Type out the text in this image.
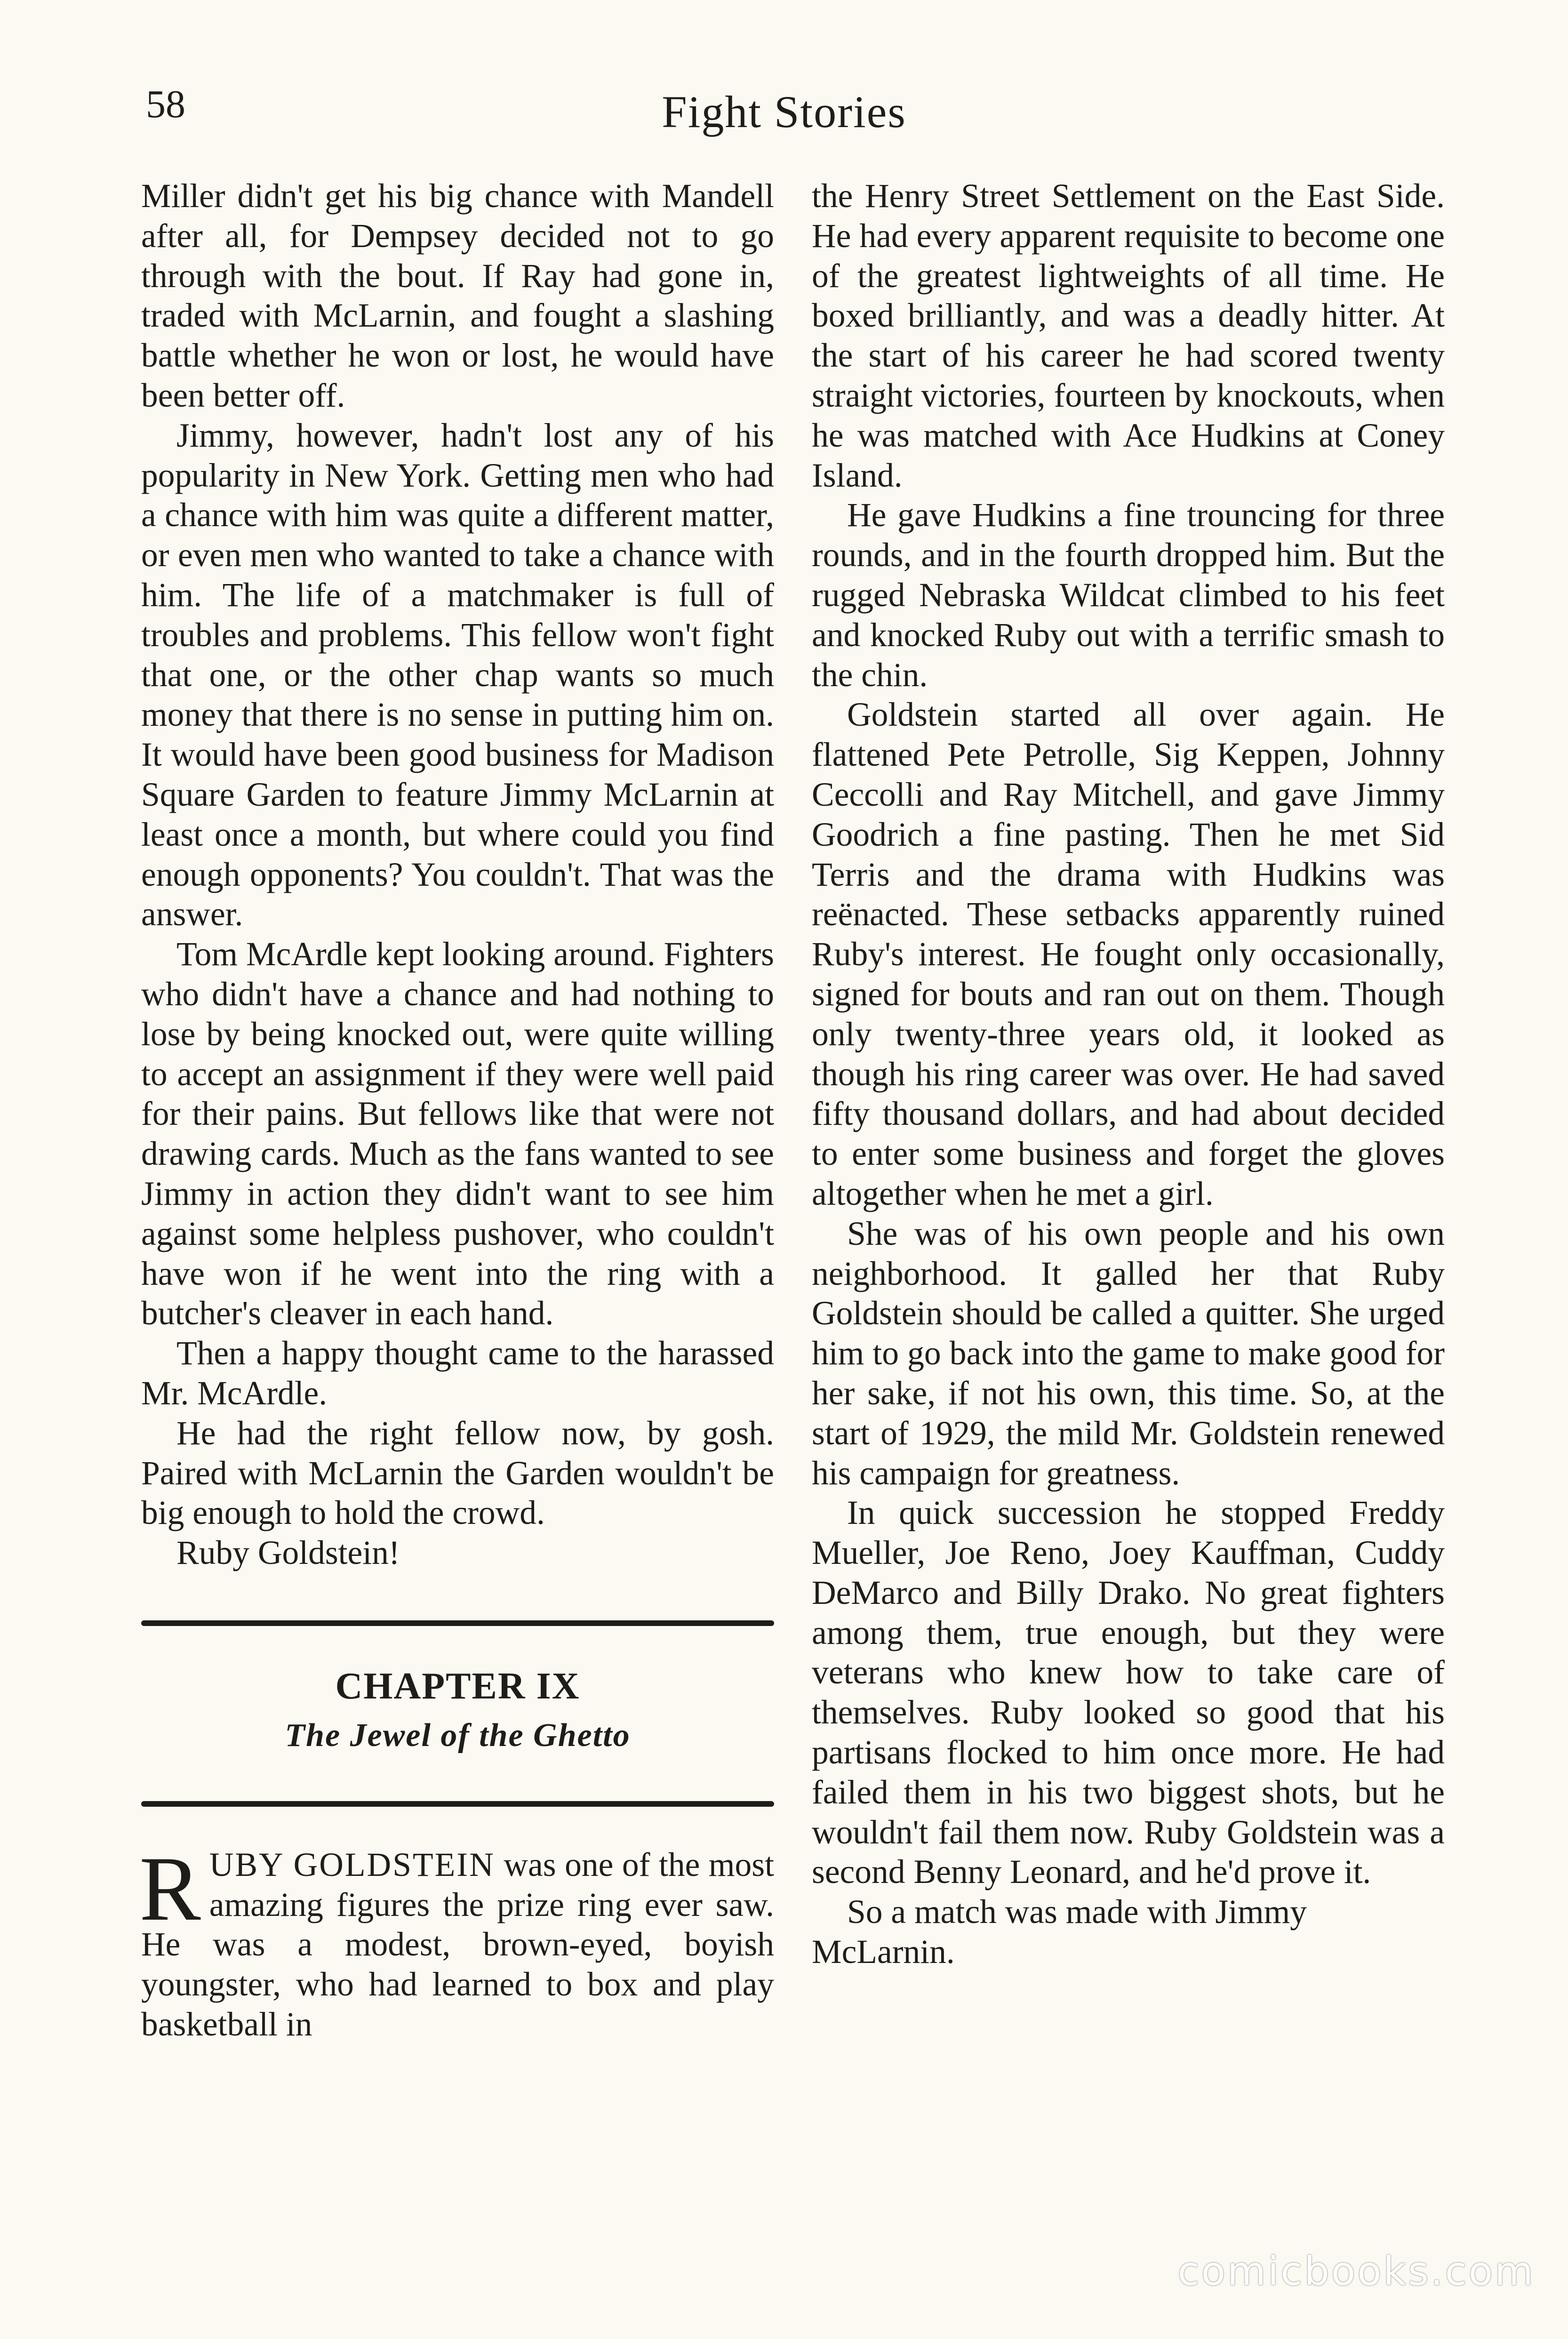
58	Fight Stories

Miller didn't get his big chance with Mandell after all, for Dempsey decided not to go through with the bout. If Ray had gone in, traded with McLarnin, and fought a slashing battle whether he won or lost, he would have been better off.

Jimmy, however, hadn't lost any of his popularity in New York. Getting men who had a chance with him was quite a different matter, or even men who wanted to take a chance with him. The life of a matchmaker is full of troubles and problems. This fellow won't fight that one, or the other chap wants so much money that there is no sense in putting him on. It would have been good business for Madison Square Garden to feature Jimmy McLarnin at least once a month, but where could you find enough opponents? You couldn't. That was the answer.

Tom McArdle kept looking around. Fighters who didn't have a chance and had nothing to lose by being knocked out, were quite willing to accept an assignment if they were well paid for their pains. But fellows like that were not drawing cards. Much as the fans wanted to see Jimmy in action they didn't want to see him against some helpless pushover, who couldn't have won if he went into the ring with a butcher's cleaver in each hand.

Then a happy thought came to the harassed Mr. McArdle.

He had the right fellow now, by gosh. Paired with McLarnin the Garden wouldn't be big enough to hold the crowd.

Ruby Goldstein!

CHAPTER IX
The Jewel of the Ghetto

RUBY GOLDSTEIN was one of the most amazing figures the prize ring ever saw. He was a modest, brown-eyed, boyish youngster, who had learned to box and play basketball in

the Henry Street Settlement on the East Side. He had every apparent requisite to become one of the greatest lightweights of all time. He boxed brilliantly, and was a deadly hitter. At the start of his career he had scored twenty straight victories, fourteen by knockouts, when he was matched with Ace Hudkins at Coney Island.

He gave Hudkins a fine trouncing for three rounds, and in the fourth dropped him. But the rugged Nebraska Wildcat climbed to his feet and knocked Ruby out with a terrific smash to the chin.

Goldstein started all over again. He flattened Pete Petrolle, Sig Keppen, Johnny Ceccolli and Ray Mitchell, and gave Jimmy Goodrich a fine pasting. Then he met Sid Terris and the drama with Hudkins was reënacted. These setbacks apparently ruined Ruby's interest. He fought only occasionally, signed for bouts and ran out on them. Though only twenty-three years old, it looked as though his ring career was over. He had saved fifty thousand dollars, and had about decided to enter some business and forget the gloves altogether when he met a girl.

She was of his own people and his own neighborhood. It galled her that Ruby Goldstein should be called a quitter. She urged him to go back into the game to make good for her sake, if not his own, this time. So, at the start of 1929, the mild Mr. Goldstein renewed his campaign for greatness.

In quick succession he stopped Freddy Mueller, Joe Reno, Joey Kauffman, Cuddy DeMarco and Billy Drako. No great fighters among them, true enough, but they were veterans who knew how to take care of themselves. Ruby looked so good that his partisans flocked to him once more. He had failed them in his two biggest shots, but he wouldn't fail them now. Ruby Goldstein was a second Benny Leonard, and he'd prove it.

So a match was made with Jimmy McLarnin.

comicbooks.com
